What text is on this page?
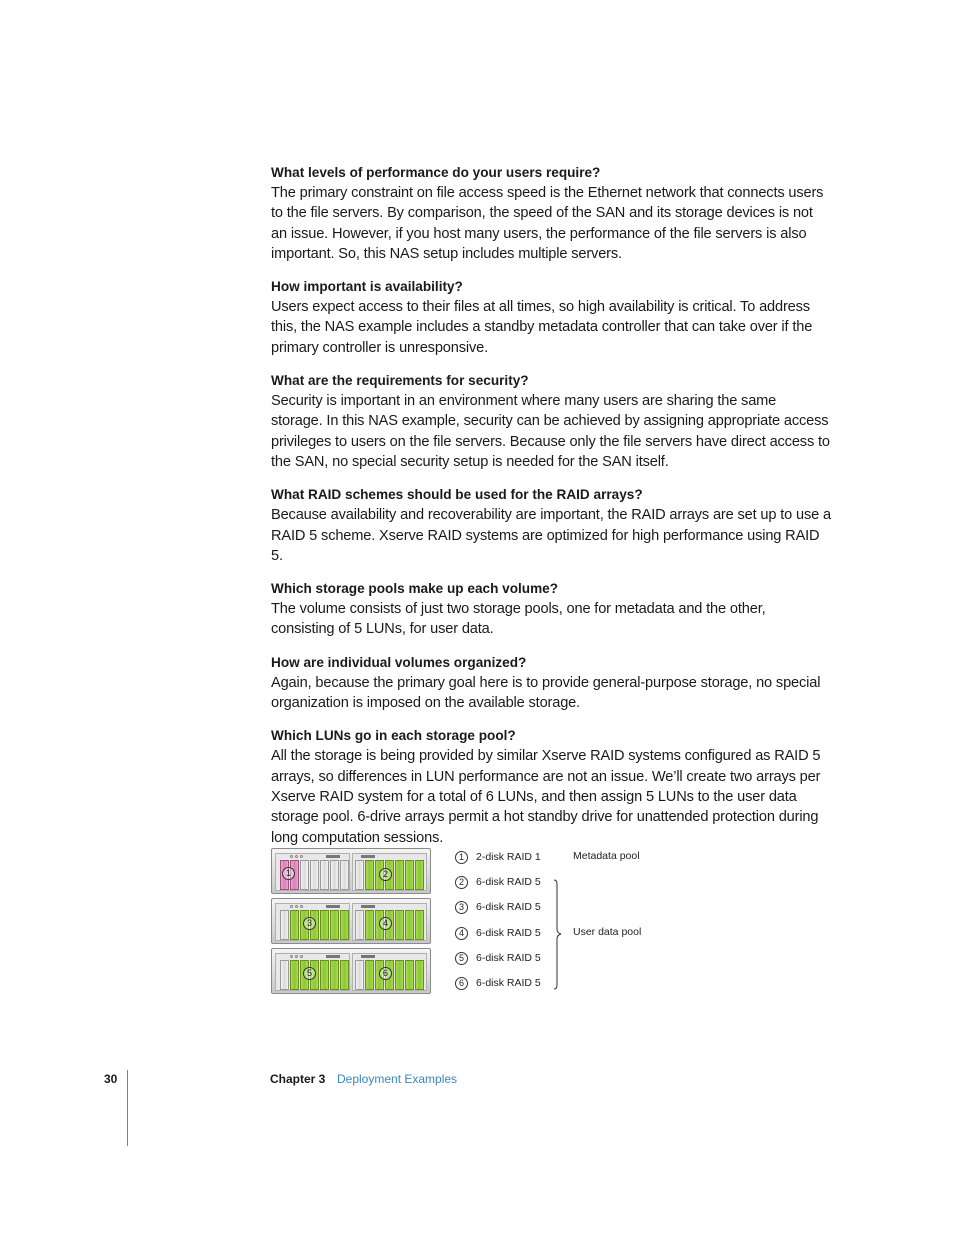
What levels of performance do your users require?

The primary constraint on file access speed is the Ethernet network that connects users to the file servers. By comparison, the speed of the SAN and its storage devices is not an issue. However, if you host many users, the performance of the file servers is also important. So, this NAS setup includes multiple servers.

How important is availability?

Users expect access to their files at all times, so high availability is critical. To address this, the NAS example includes a standby metadata controller that can take over if the primary controller is unresponsive.

What are the requirements for security?

Security is important in an environment where many users are sharing the same storage. In this NAS example, security can be achieved by assigning appropriate access privileges to users on the file servers. Because only the file servers have direct access to the SAN, no special security setup is needed for the SAN itself.

What RAID schemes should be used for the RAID arrays?

Because availability and recoverability are important, the RAID arrays are set up to use a RAID 5 scheme. Xserve RAID systems are optimized for high performance using RAID 5.

Which storage pools make up each volume?

The volume consists of just two storage pools, one for metadata and the other, consisting of 5 LUNs, for user data.

How are individual volumes organized?

Again, because the primary goal here is to provide general-purpose storage, no special organization is imposed on the available storage.

Which LUNs go in each storage pool?

All the storage is being provided by similar Xserve RAID systems configured as RAID 5 arrays, so differences in LUN performance are not an issue. We’ll create two arrays per Xserve RAID system for a total of 6 LUNs, and then assign 5 LUNs to the user data storage pool. 6-drive arrays permit a hot standby drive for unattended protection during long computation sessions.

1	2
3	4
5	6
1	2-disk RAID 1
2	6-disk RAID 5
3	6-disk RAID 5
4	6-disk RAID 5
5	6-disk RAID 5
6	6-disk RAID 5
Metadata pool
User data pool
30	Chapter 3 Deployment Examples
